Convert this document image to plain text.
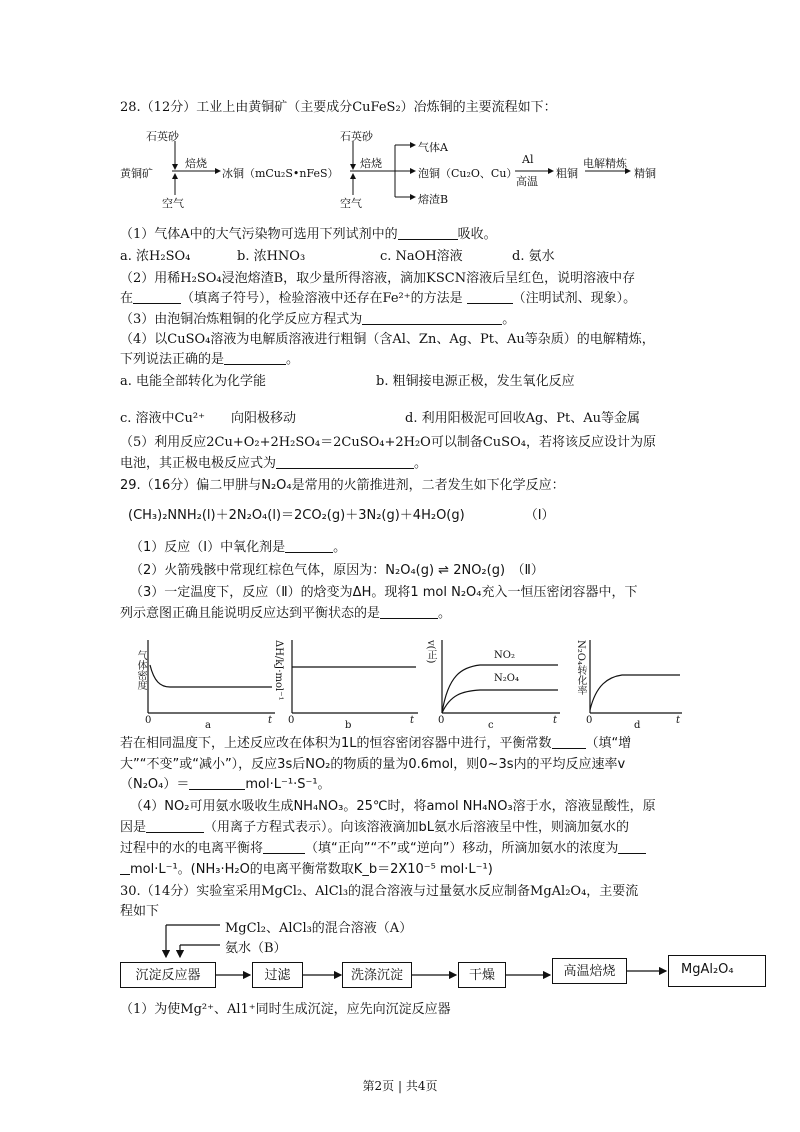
28.（12分）工业上由黄铜矿（主要成分CuFeS₂）冶炼铜的主要流程如下：
石英砂
黄铜矿
焙烧
空气
冰铜（mCu₂S•nFeS）
石英砂
焙烧
空气
气体A
泡铜（Cu₂O、Cu）
Al
高温
粗铜
电解精炼
精铜
熔渣B
（1）气体A中的大气污染物可选用下列试剂中的	吸收。
a. 浓H₂SO₄	b. 浓HNO₃	c. NaOH溶液	d. 氨水
（2）用稀H₂SO₄浸泡熔渣B，取少量所得溶液，滴加KSCN溶液后呈红色，说明溶液中存
在	（填离子符号），检验溶液中还存在Fe²⁺的方法是	（注明试剂、现象）。
（3）由泡铜冶炼粗铜的化学反应方程式为	。
（4）以CuSO₄溶液为电解质溶液进行粗铜（含Al、Zn、Ag、Pt、Au等杂质）的电解精炼，
下列说法正确的是	。
a. 电能全部转化为化学能	b. 粗铜接电源正极，发生氧化反应
c. 溶液中Cu²⁺　　向阳极移动	d. 利用阳极泥可回收Ag、Pt、Au等金属
（5）利用反应2Cu+O₂+2H₂SO₄＝2CuSO₄+2H₂O可以制备CuSO₄，若将该反应设计为原
电池，其正极电极反应式为	。
29.（16分）偏二甲肼与N₂O₄是常用的火箭推进剂，二者发生如下化学反应：
(CH₃)₂NNH₂(l)＋2N₂O₄(l)＝2CO₂(g)＋3N₂(g)＋4H₂O(g)	（Ⅰ）
（1）反应（Ⅰ）中氧化剂是	。
（2）火箭残骸中常现红棕色气体，原因为：N₂O₄(g) ⇌ 2NO₂(g)　（Ⅱ）
（3）一定温度下，反应（Ⅱ）的焓变为ΔH。现将1 mol N₂O₄充入一恒压密闭容器中，下
列示意图正确且能说明反应达到平衡状态的是	。
气体密度
0	t
a
ΔH/kJ·mol⁻¹
0	t
b
v(正)	NO₂
N₂O₄
0	t
c
N₂O₄转化率
0	t
d
若在相同温度下，上述反应改在体积为1L的恒容密闭容器中进行，平衡常数	（填“增
大”“不变”或“减小”），反应3s后NO₂的物质的量为0.6mol，则0~3s内的平均反应速率v
（N₂O₄）＝	mol·L⁻¹·S⁻¹。
（4）NO₂可用氨水吸收生成NH₄NO₃。25℃时，将amol NH₄NO₃溶于水，溶液显酸性，原
因是	（用离子方程式表示）。向该溶液滴加bL氨水后溶液呈中性，则滴加氨水的
过程中的水的电离平衡将	（填“正向”“不”或“逆向”）移动，所滴加氨水的浓度为
mol·L⁻¹。(NH₃·H₂O的电离平衡常数取K_b＝2X10⁻⁵ mol·L⁻¹)
30.（14分）实验室采用MgCl₂、AlCl₃的混合溶液与过量氨水反应制备MgAl₂O₄，主要流
程如下
MgCl₂、AlCl₃的混合溶液（A）
氨水（B）
沉淀反应器	过滤	洗涤沉淀	干燥	高温焙烧	MgAl₂O₄
（1）为使Mg²⁺、Al1⁺同时生成沉淀，应先向沉淀反应器
第2页 | 共4页
